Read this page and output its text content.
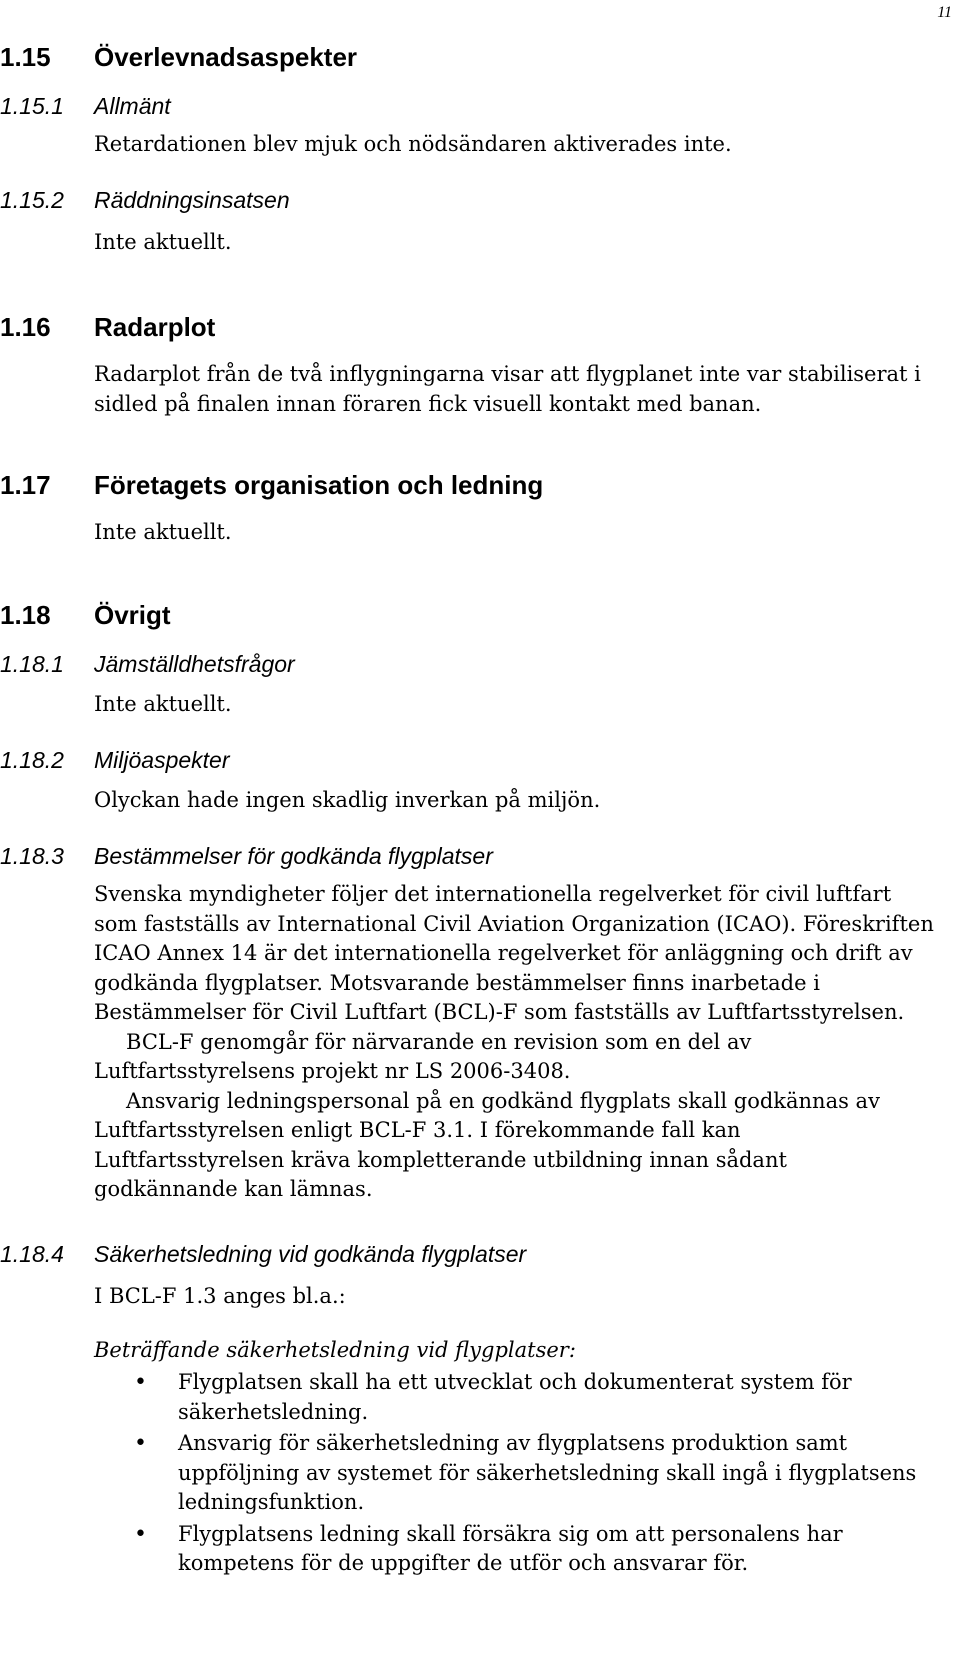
11
1.15 Överlevnadsaspekter
1.15.1 Allmänt
Retardationen blev mjuk och nödsändaren aktiverades inte.
1.15.2 Räddningsinsatsen
Inte aktuellt.
1.16 Radarplot
Radarplot från de två inflygningarna visar att flygplanet inte var stabiliserat i sidled på finalen innan föraren fick visuell kontakt med banan.
1.17 Företagets organisation och ledning
Inte aktuellt.
1.18 Övrigt
1.18.1 Jämställdhetsfrågor
Inte aktuellt.
1.18.2 Miljöaspekter
Olyckan hade ingen skadlig inverkan på miljön.
1.18.3 Bestämmelser för godkända flygplatser

Svenska myndigheter följer det internationella regelverket för civil luftfart som fastställs av International Civil Aviation Organization (ICAO). Föreskriften ICAO Annex 14 är det internationella regelverket för anläggning och drift av godkända flygplatser. Motsvarande bestämmelser finns inarbetade i Bestämmelser för Civil Luftfart (BCL)-F som fastställs av Luftfartsstyrelsen.

BCL-F genomgår för närvarande en revision som en del av Luftfartsstyrelsens projekt nr LS 2006-3408.

Ansvarig ledningspersonal på en godkänd flygplats skall godkännas av Luftfartsstyrelsen enligt BCL-F 3.1. I förekommande fall kan Luftfartsstyrelsen kräva kompletterande utbildning innan sådant godkännande kan lämnas.

1.18.4 Säkerhetsledning vid godkända flygplatser
I BCL-F 1.3 anges bl.a.:
Beträffande säkerhetsledning vid flygplatser:
• Flygplatsen skall ha ett utvecklat och dokumenterat system för säkerhetsledning.
• Ansvarig för säkerhetsledning av flygplatsens produktion samt uppföljning av systemet för säkerhetsledning skall ingå i flygplatsens ledningsfunktion.
• Flygplatsens ledning skall försäkra sig om att personalens har kompetens för de uppgifter de utför och ansvarar för.
